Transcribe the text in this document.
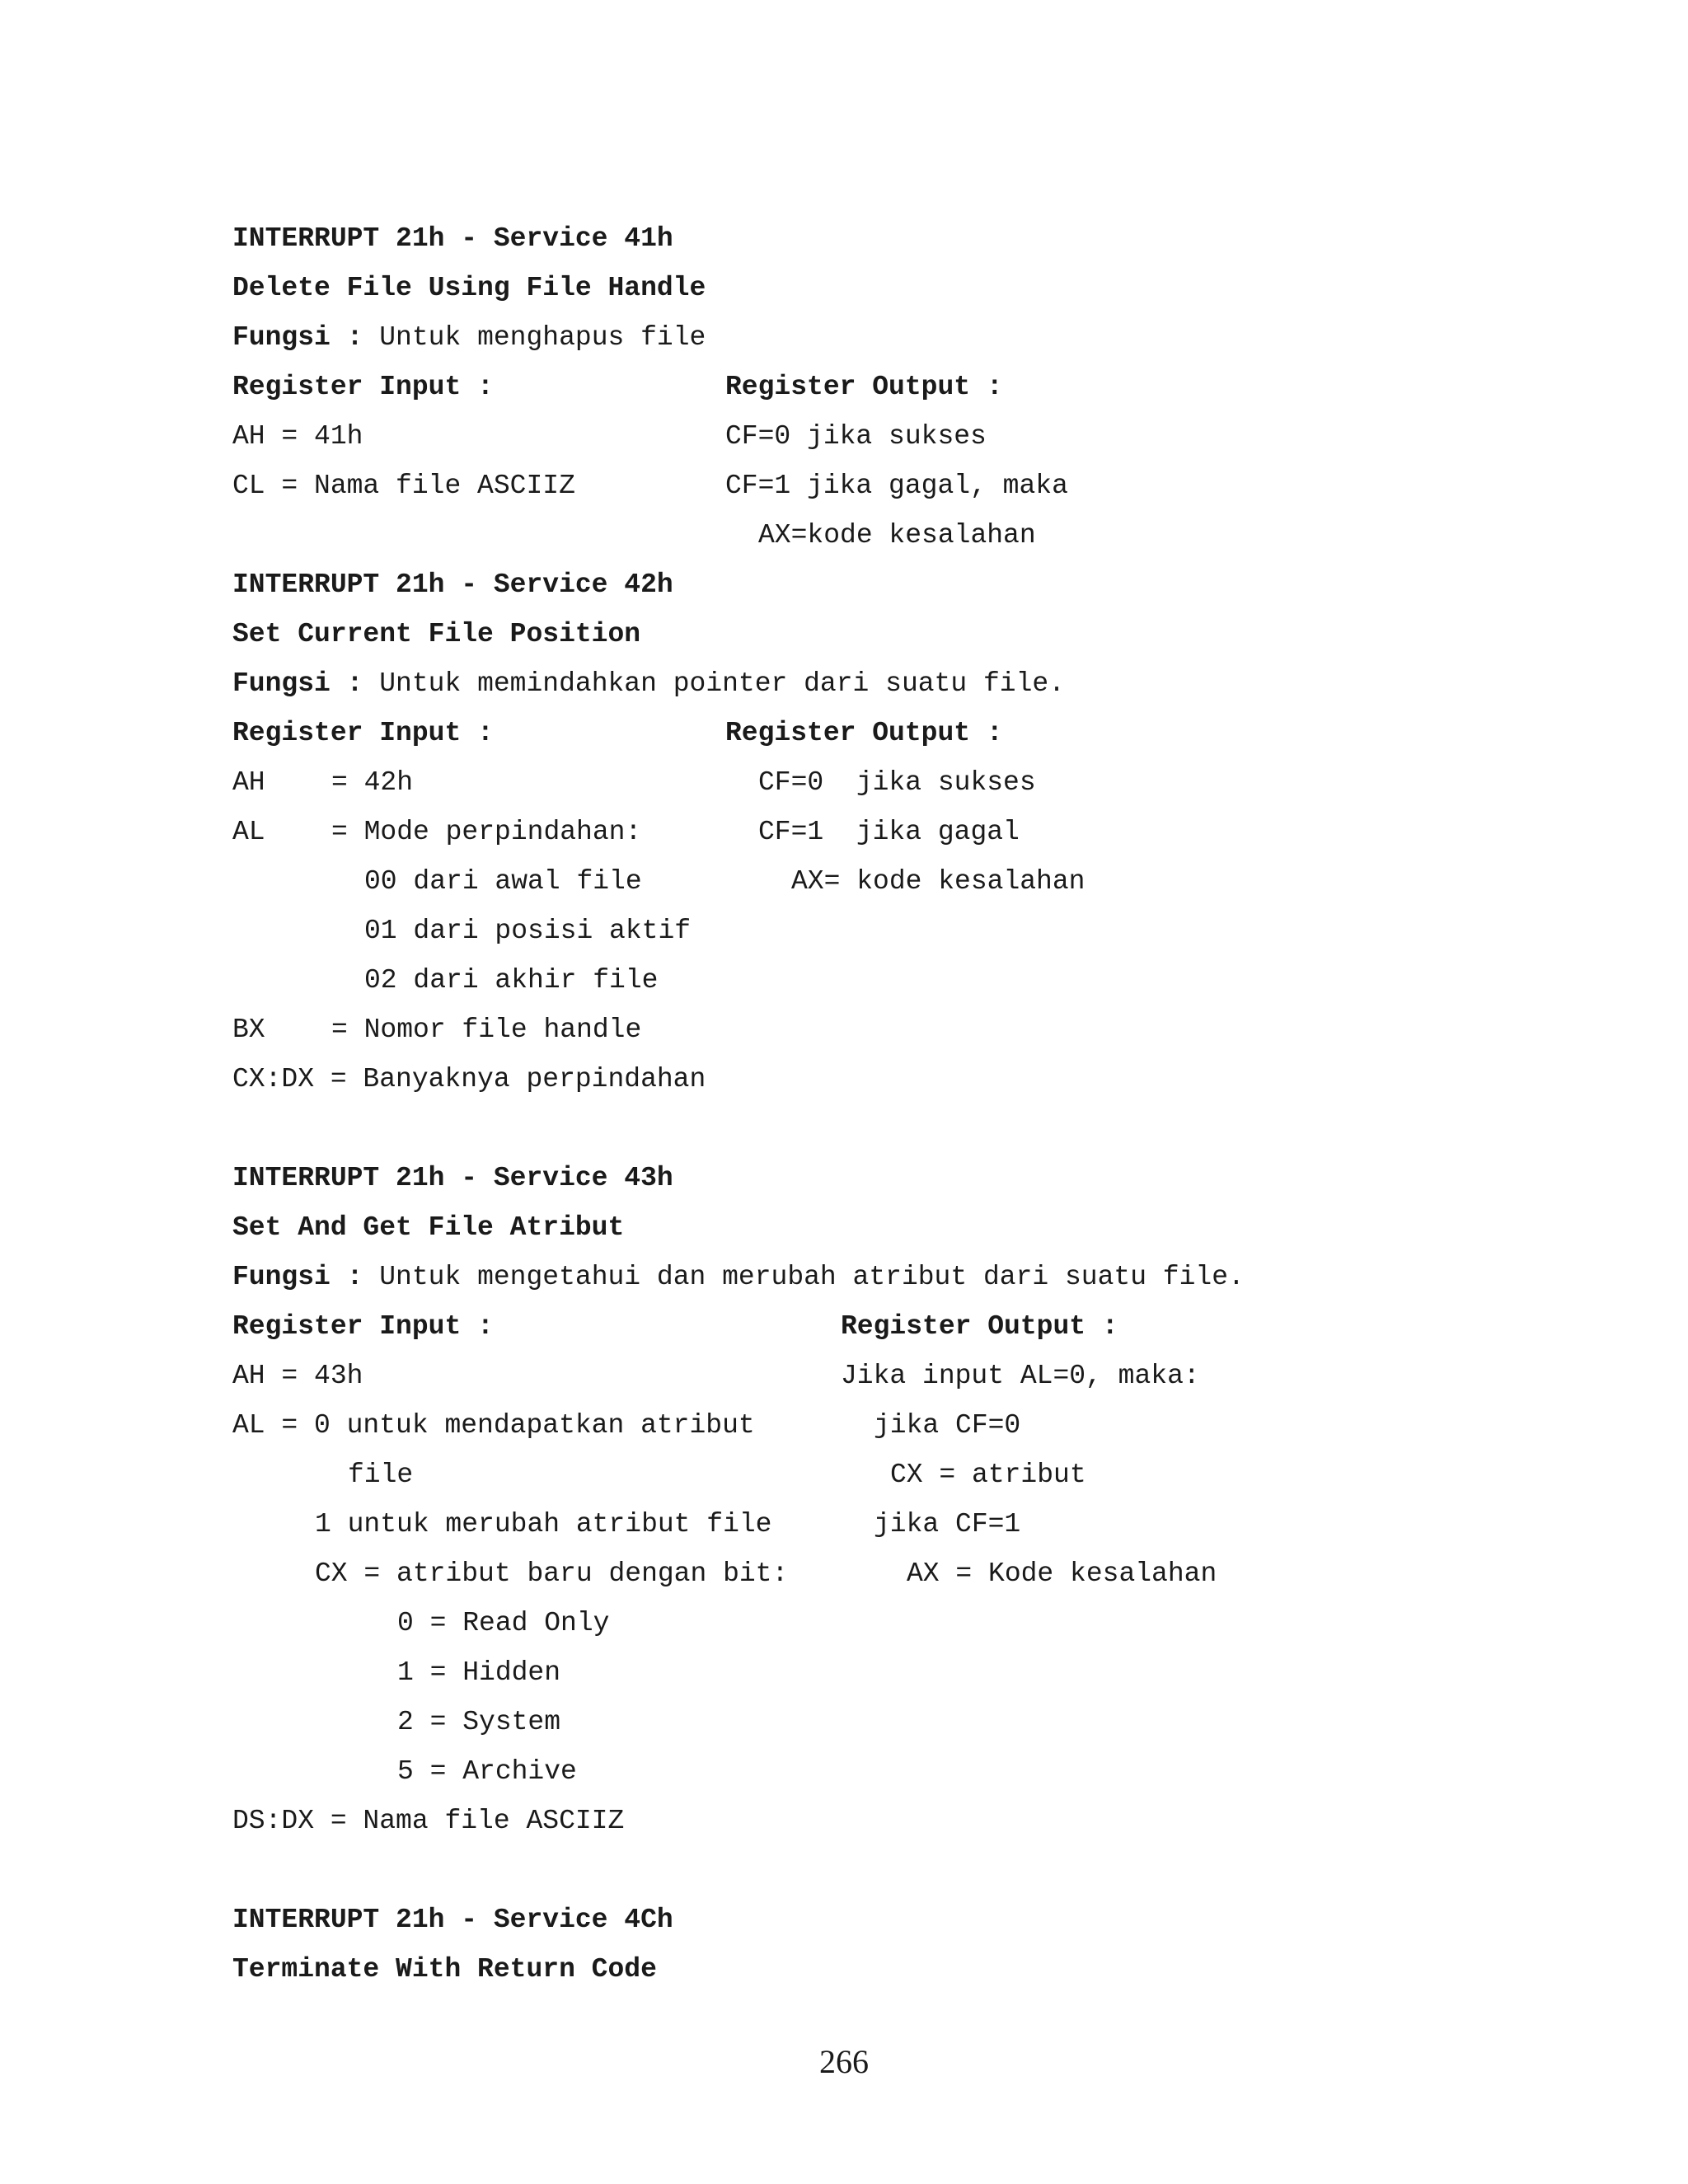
INTERRUPT 21h - Service 41h
Delete File Using File Handle
Fungsi : Untuk menghapus file
Register Input :	Register Output :
AH = 41h	CF=0 jika sukses
CL = Nama file ASCIIZ	CF=1 jika gagal, maka
AX=kode kesalahan
INTERRUPT 21h - Service 42h
Set Current File Position
Fungsi : Untuk memindahkan pointer dari suatu file.
Register Input :	Register Output :
AH = 42h	CF=0  jika sukses
AL = Mode perpindahan:	CF=1  jika gagal
00 dari awal file	AX= kode kesalahan
01 dari posisi aktif
02 dari akhir file
BX = Nomor file handle
CX:DX = Banyaknya perpindahan
INTERRUPT 21h - Service 43h
Set And Get File Atribut
Fungsi : Untuk mengetahui dan merubah atribut dari suatu file.
Register Input :	Register Output :
AH = 43h	Jika input AL=0, maka:
AL = 0 untuk mendapatkan atribut	jika CF=0
file	CX = atribut
1 untuk merubah atribut file	jika CF=1
CX = atribut baru dengan bit:	AX = Kode kesalahan
0 = Read Only
1 = Hidden
2 = System
5 = Archive
DS:DX = Nama file ASCIIZ
INTERRUPT 21h - Service 4Ch
Terminate With Return Code
266
